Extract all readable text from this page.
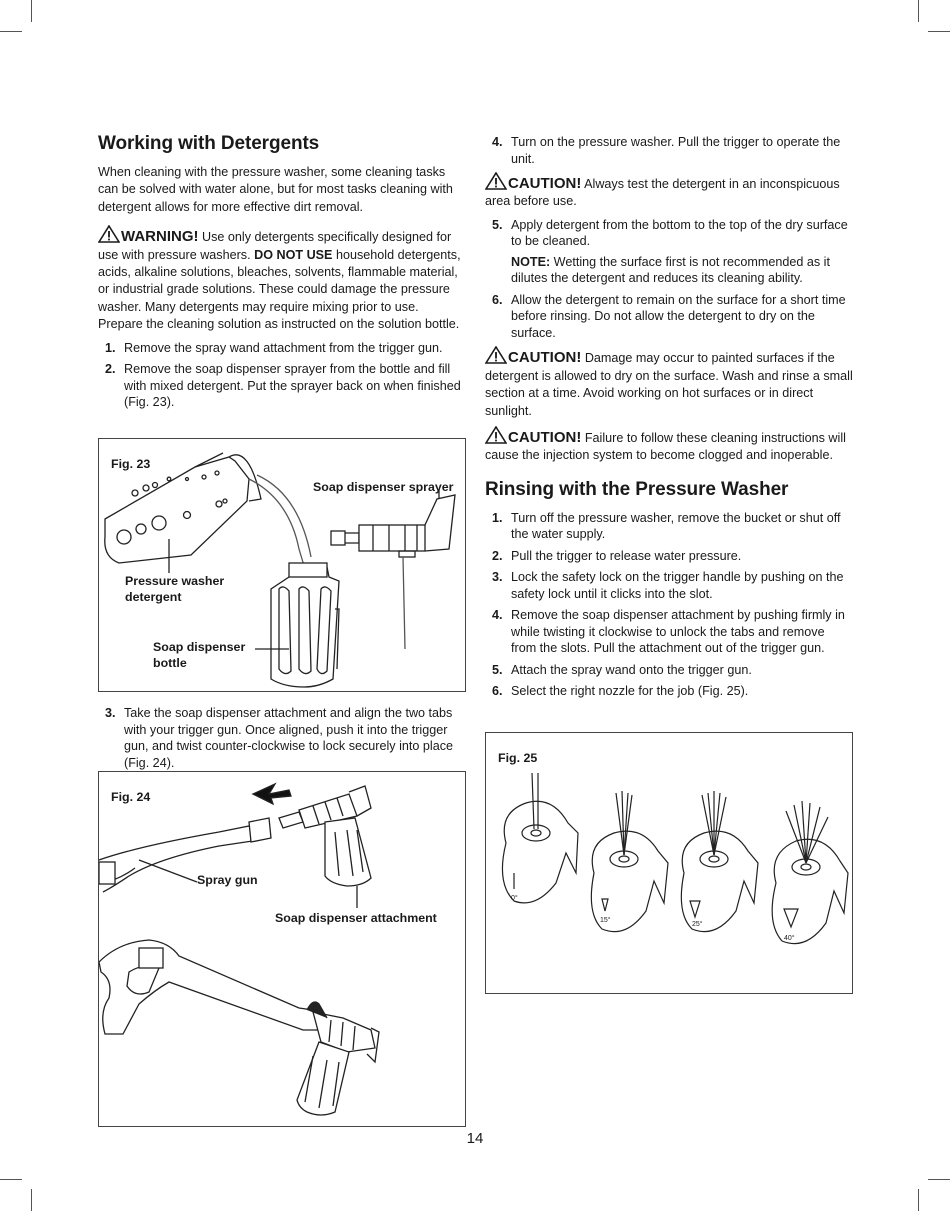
Working with Detergents

When cleaning with the pressure washer, some cleaning tasks can be solved with water alone, but for most tasks cleaning with detergent allows for more effective dirt removal.

WARNING! Use only detergents specifically designed for use with pressure washers. DO NOT USE household detergents, acids, alkaline solutions, bleaches, solvents, flammable material, or industrial grade solutions. These could damage the pressure washer. Many detergents may require mixing prior to use. Prepare the cleaning solution as instructed on the solution bottle.

1. Remove the spray wand attachment from the trigger gun.
2. Remove the soap dispenser sprayer from the bottle and fill with mixed detergent. Put the sprayer back on when finished (Fig. 23).
Fig. 23
Soap dispenser sprayer
Pressure washer detergent
Soap dispenser bottle
3. Take the soap dispenser attachment and align the two tabs with your trigger gun. Once aligned, push it into the trigger gun, and twist counter-clockwise to lock securely into place (Fig. 24).
Fig. 24
Spray gun
Soap dispenser attachment
4. Turn on the pressure washer. Pull the trigger to operate the unit.

CAUTION! Always test the detergent in an inconspicuous area before use.

5. Apply detergent from the bottom to the top of the dry surface to be cleaned.
NOTE: Wetting the surface first is not recommended as it dilutes the detergent and reduces its cleaning ability.
6. Allow the detergent to remain on the surface for a short time before rinsing. Do not allow the detergent to dry on the surface.

CAUTION! Damage may occur to painted surfaces if the detergent is allowed to dry on the surface. Wash and rinse a small section at a time. Avoid working on hot surfaces or in direct sunlight.

CAUTION! Failure to follow these cleaning instructions will cause the injection system to become clogged and inoperable.

Rinsing with the Pressure Washer
1. Turn off the pressure washer, remove the bucket or shut off the water supply.
2. Pull the trigger to release water pressure.
3. Lock the safety lock on the trigger handle by pushing on the safety lock until it clicks into the slot.
4. Remove the soap dispenser attachment by pushing firmly in while twisting it clockwise to unlock the tabs and remove from the slots. Pull the attachment out of the trigger gun.
5. Attach the spray wand onto the trigger gun.
6. Select the right nozzle for the job (Fig. 25).
Fig. 25
0°
15°
25°
40°
14
